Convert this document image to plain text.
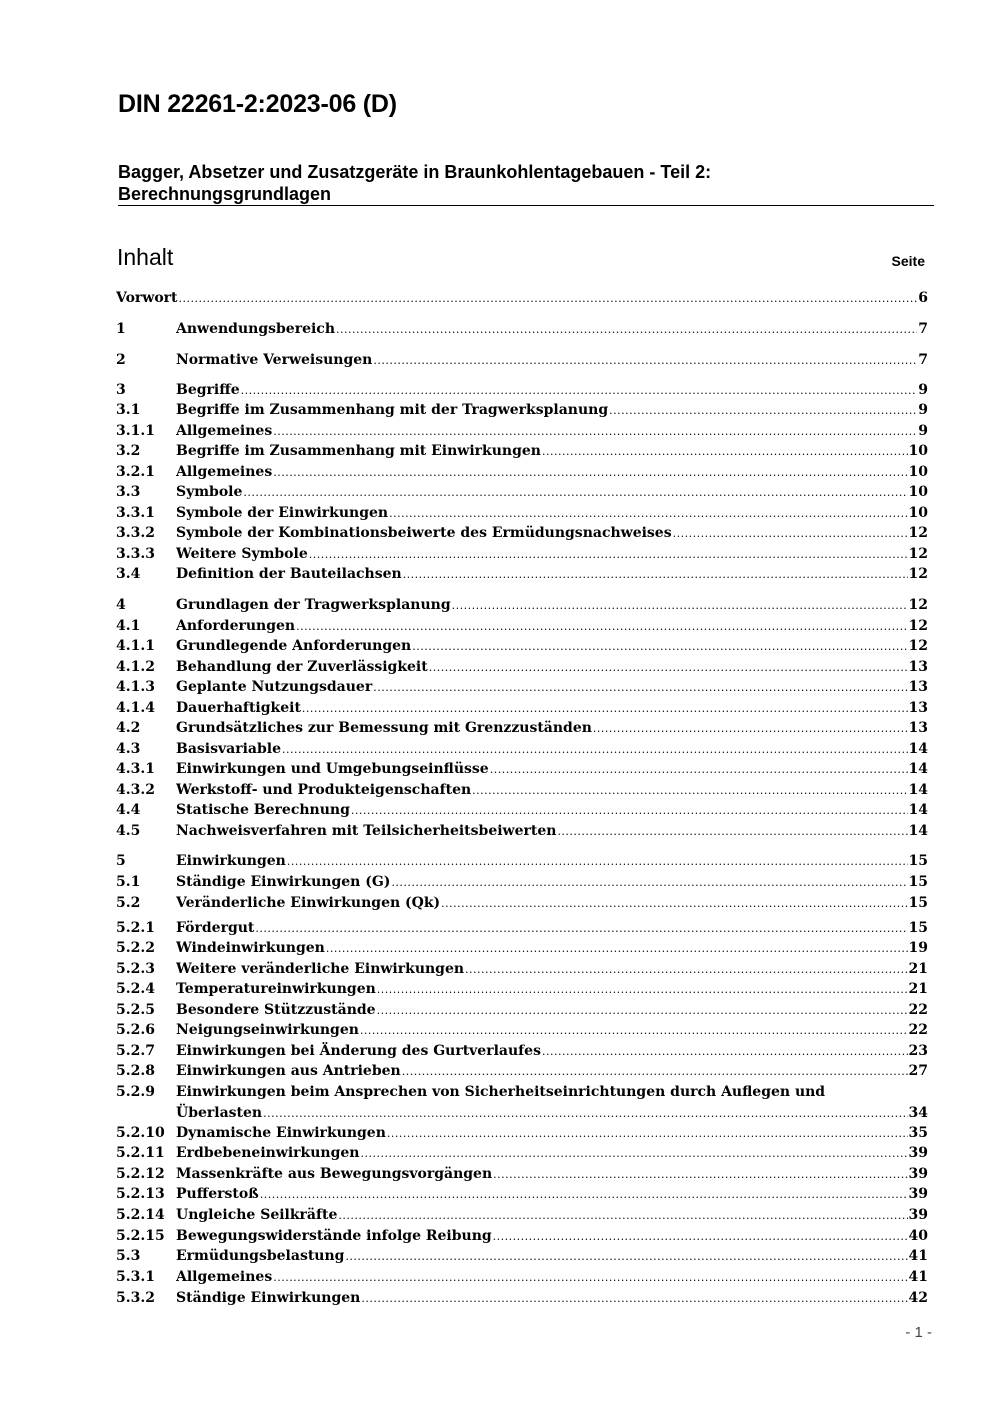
DIN 22261-2:2023-06 (D)
Bagger, Absetzer und Zusatzgeräte in Braunkohlentagebauen - Teil 2:
Berechnungsgrundlagen
Inhalt	Seite
Vorwort .....	6
1	Anwendungsbereich .....	7
2	Normative Verweisungen .....	7
3	Begriffe .....	9
3.1	Begriffe im Zusammenhang mit der Tragwerksplanung .....	9
3.1.1 Allgemeines .....	9
3.2	Begriffe im Zusammenhang mit Einwirkungen .....	10
3.2.1 Allgemeines .....	10
3.3	Symbole .....	10
3.3.1 Symbole der Einwirkungen .....	10
3.3.2 Symbole der Kombinationsbeiwerte des Ermüdungsnachweises .....	12
3.3.3 Weitere Symbole .....	12
3.4	Definition der Bauteilachsen .....	12
4	Grundlagen der Tragwerksplanung .....	12
4.1	Anforderungen .....	12
4.1.1 Grundlegende Anforderungen .....	12
4.1.2 Behandlung der Zuverlässigkeit .....	13
4.1.3 Geplante Nutzungsdauer .....	13
4.1.4 Dauerhaftigkeit .....	13
4.2	Grundsätzliches zur Bemessung mit Grenzzuständen .....	13
4.3	Basisvariable .....	14
4.3.1 Einwirkungen und Umgebungseinflüsse .....	14
4.3.2 Werkstoff- und Produkteigenschaften .....	14
4.4	Statische Berechnung .....	14
4.5	Nachweisverfahren mit Teilsicherheitsbeiwerten .....	14
5	Einwirkungen .....	15
5.1	Ständige Einwirkungen (G) .....	15
5.2	Veränderliche Einwirkungen (Qk) .....	15
5.2.1 Fördergut .....	15
5.2.2 Windeinwirkungen .....	19
5.2.3 Weitere veränderliche Einwirkungen .....	21
5.2.4 Temperatureinwirkungen .....	21
5.2.5 Besondere Stützzustände .....	22
5.2.6 Neigungseinwirkungen .....	22
5.2.7 Einwirkungen bei Änderung des Gurtverlaufes .....	23
5.2.8 Einwirkungen aus Antrieben .....	27
5.2.9 Einwirkungen beim Ansprechen von Sicherheitseinrichtungen durch Auflegen und
Überlasten .....	34
5.2.10 Dynamische Einwirkungen .....	35
5.2.11 Erdbebeneinwirkungen .....	39
5.2.12 Massenkräfte aus Bewegungsvorgängen .....	39
5.2.13 Pufferstoß .....	39
5.2.14 Ungleiche Seilkräfte .....	39
5.2.15 Bewegungswiderstände infolge Reibung .....	40
5.3	Ermüdungsbelastung .....	41
5.3.1 Allgemeines .....	41
5.3.2 Ständige Einwirkungen .....	42
- 1 -
